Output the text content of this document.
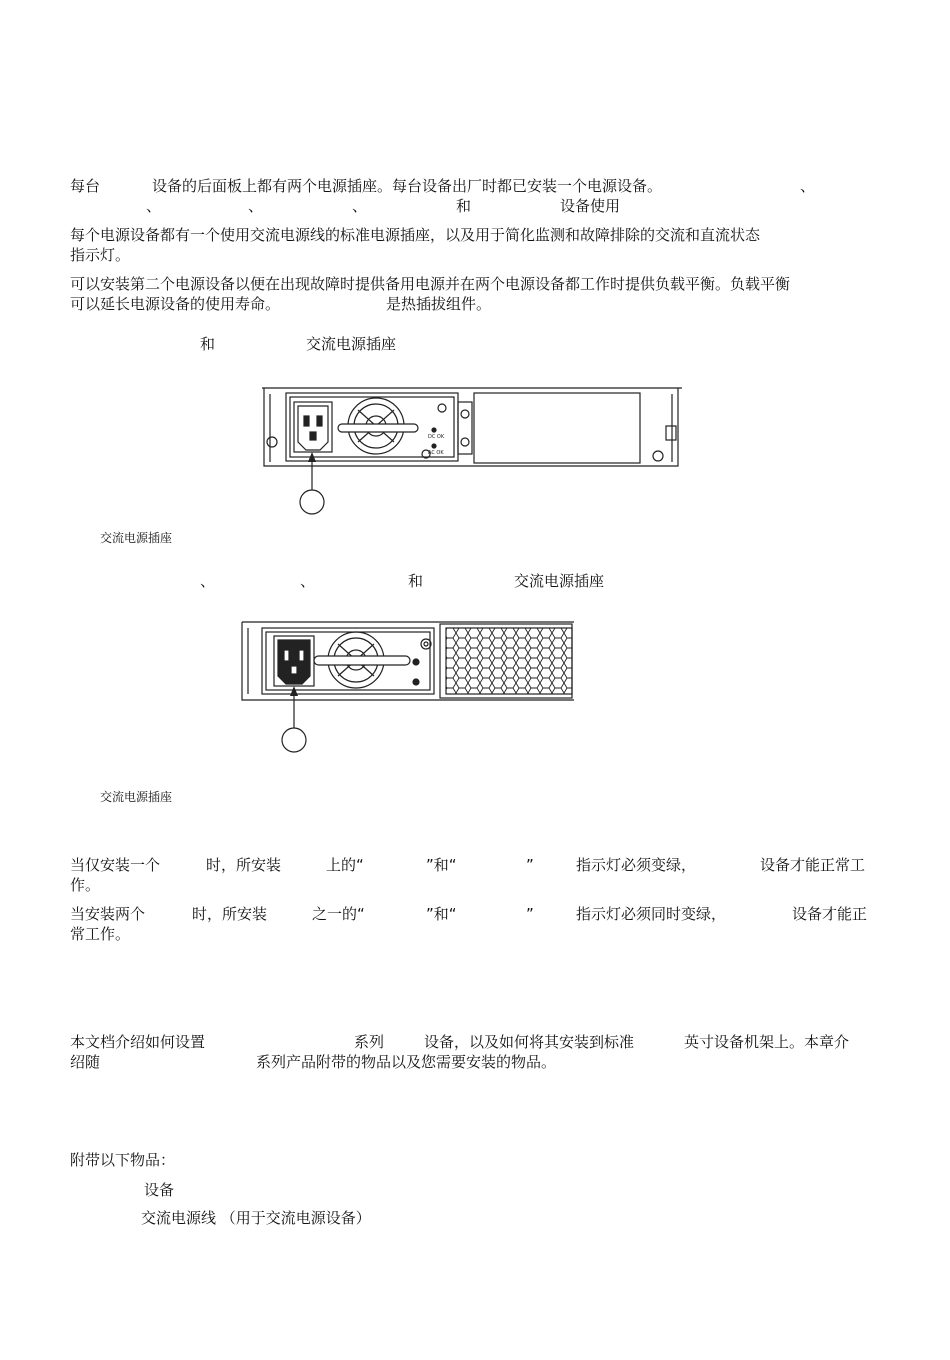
每台	设备的后面板上都有两个电源插座。每台设备出厂时都已安装一个电源设备。	、
、	、	、	和	设备使用
每个电源设备都有一个使用交流电源线的标准电源插座，以及用于简化监测和故障排除的交流和直流状态
指示灯。
可以安装第二个电源设备以便在出现故障时提供备用电源并在两个电源设备都工作时提供负载平衡。负载平衡
可以延长电源设备的使用寿命。	是热插拔组件。
和	交流电源插座
DC OK
AC OK
交流电源插座
、	、	和	交流电源插座
交流电源插座
当仅安装一个	时，所安装	上的“	”和“	”	指示灯必须变绿，	设备才能正常工
作。
当安装两个	时，所安装	之一的“	”和“	”	指示灯必须同时变绿，	设备才能正
常工作。
本文档介绍如何设置	系列	设备，以及如何将其安装到标准	英寸设备机架上。本章介
绍随	系列产品附带的物品以及您需要安装的物品。
附带以下物品：
设备
交流电源线 （用于交流电源设备）
